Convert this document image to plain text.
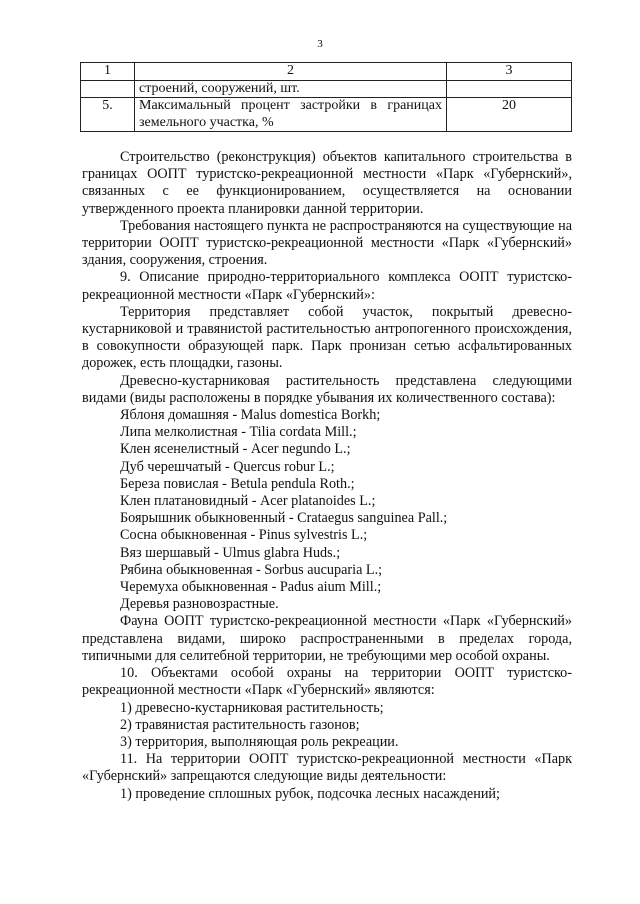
3
1	2	3
	строений, сооружений, шт.	
5.	Максимальный процент застройки в границах земельного участка, %	20

Строительство (реконструкция) объектов капитального строительства в границах ООПТ туристско-рекреационной местности «Парк «Губернский», связанных с ее функционированием, осуществляется на основании утвержденного проекта планировки данной территории.

Требования настоящего пункта не распространяются на существующие на территории ООПТ туристско-рекреационной местности «Парк «Губернский» здания, сооружения, строения.

9. Описание природно-территориального комплекса ООПТ туристско-рекреационной местности «Парк «Губернский»:

Территория представляет собой участок, покрытый древесно-кустарниковой и травянистой растительностью антропогенного происхождения, в совокупности образующей парк. Парк пронизан сетью асфальтированных дорожек, есть площадки, газоны.

Древесно-кустарниковая растительность представлена следующими видами (виды расположены в порядке убывания их количественного состава):

Яблоня домашняя - Malus domestica Borkh;

Липа мелколистная - Tilia cordata Mill.;

Клен ясенелистный - Acer negundo L.;

Дуб черешчатый - Quercus robur L.;

Береза повислая - Betula pendula Roth.;

Клен платановидный - Acer platanoides L.;

Боярышник обыкновенный - Crataegus sanguinea Pall.;

Сосна обыкновенная - Pinus sylvestris L.;

Вяз шершавый - Ulmus glabra Huds.;

Рябина обыкновенная - Sorbus aucuparia L.;

Черемуха обыкновенная - Padus aium Mill.;

Деревья разновозрастные.

Фауна ООПТ туристско-рекреационной местности «Парк «Губернский» представлена видами, широко распространенными в пределах города, типичными для селитебной территории, не требующими мер особой охраны.

10. Объектами особой охраны на территории ООПТ туристско-рекреационной местности «Парк «Губернский» являются:

1) древесно-кустарниковая растительность;

2) травянистая растительность газонов;

3) территория, выполняющая роль рекреации.

11. На территории ООПТ туристско-рекреационной местности «Парк «Губернский» запрещаются следующие виды деятельности:

1) проведение сплошных рубок, подсочка лесных насаждений;
